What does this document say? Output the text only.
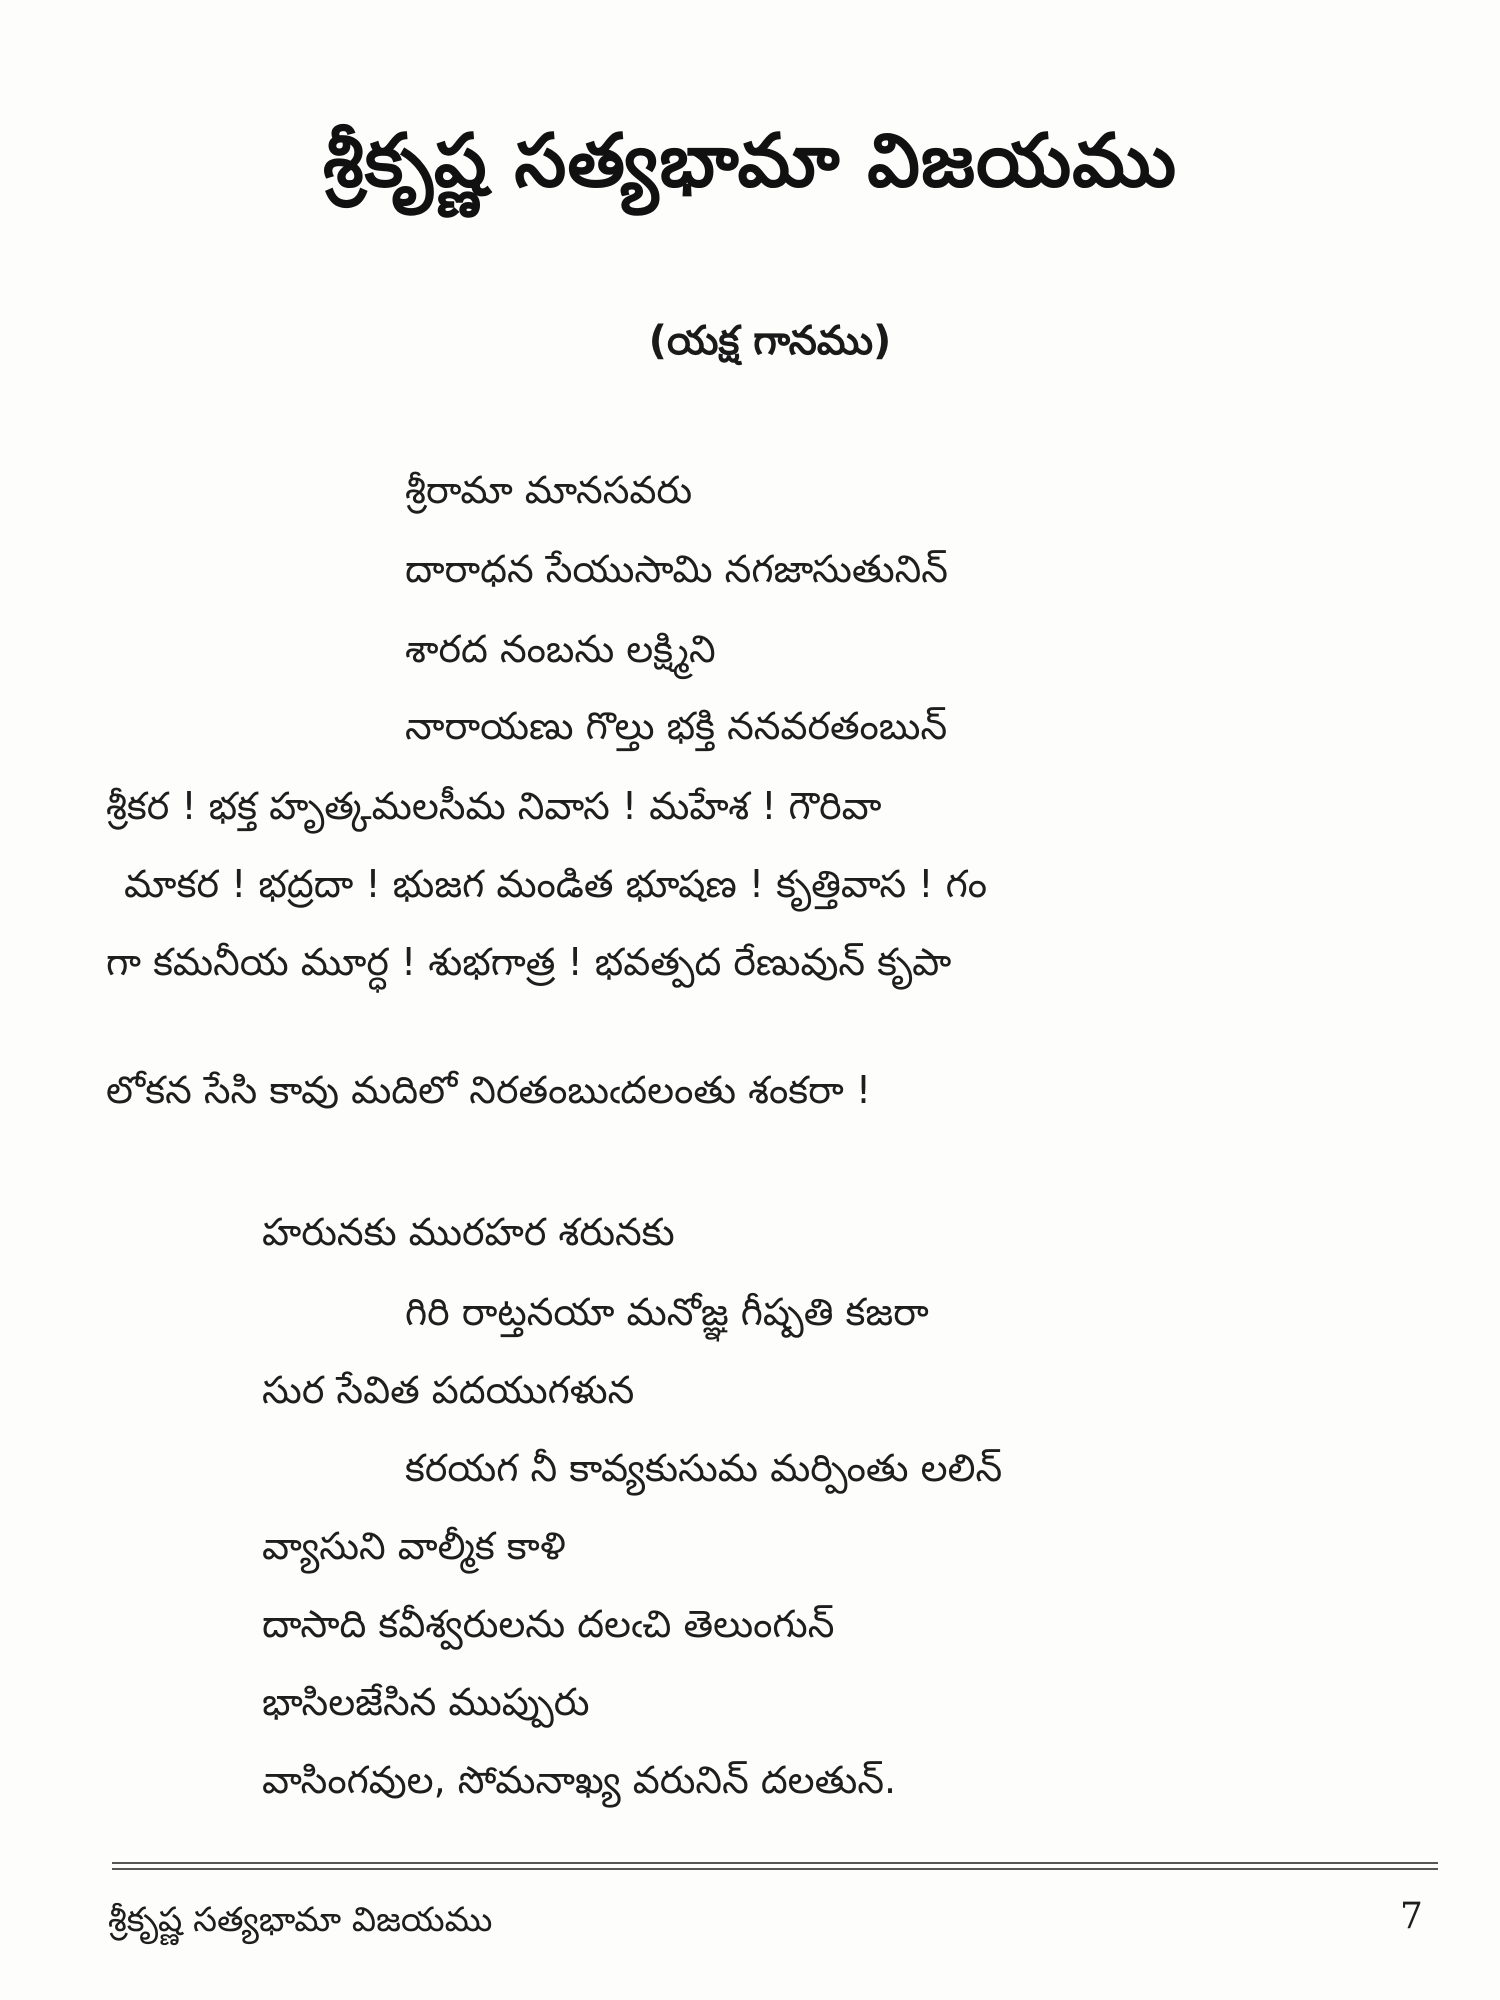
శ్రీకృష్ణ సత్యభామా విజయము
(యక్ష గానము)
శ్రీరామా మానసవరు
దారాధన సేయుసామి నగజాసుతునిన్
శారద నంబను లక్ష్మిని
నారాయణు గొల్తు భక్తి ననవరతంబున్
శ్రీకర ! భక్త హృత్కమలసీమ నివాస ! మహేశ ! గౌరివా
మాకర ! భద్రదా ! భుజగ మండిత భూషణ ! కృత్తివాస ! గం
గా కమనీయ మూర్ధ ! శుభగాత్ర ! భవత్పద రేణువున్ కృపా
లోకన సేసి కావు మదిలో నిరతంబుఁదలంతు శంకరా !
హరునకు మురహర శరునకు
గిరి రాట్తనయా మనోజ్ఞ గీష్పతి కజరా
సుర సేవిత పదయుగళున
కరయగ నీ కావ్యకుసుమ మర్పింతు లలిన్
వ్యాసుని వాల్మీక కాళి
దాసాది కవీశ్వరులను దలఁచి తెలుంగున్
భాసిలజేసిన ముప్పురు
వాసింగవుల, సోమనాఖ్య వరునిన్ దలతున్.
శ్రీకృష్ణ సత్యభామా విజయము	7
